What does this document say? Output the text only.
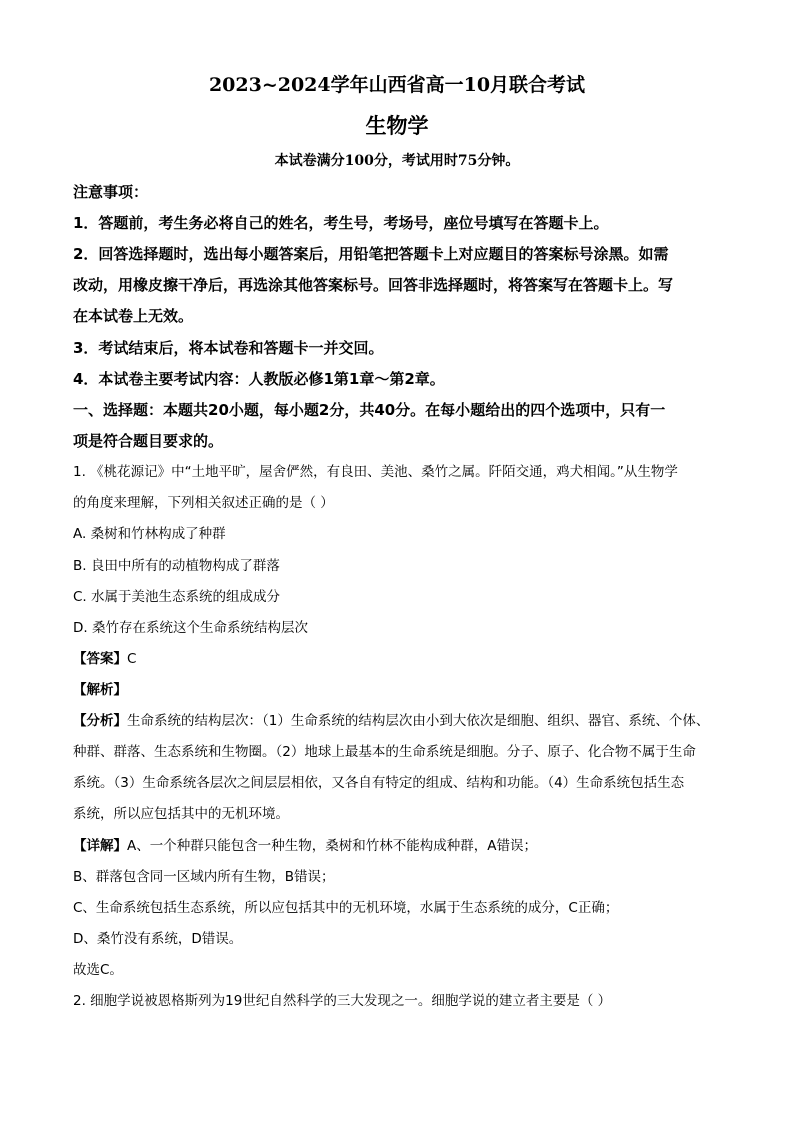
2023~2024学年山西省高一10月联合考试
生物学
本试卷满分100分，考试用时75分钟。
注意事项：
1．答题前，考生务必将自己的姓名，考生号，考场号，座位号填写在答题卡上。
2．回答选择题时，选出每小题答案后，用铅笔把答题卡上对应题目的答案标号涂黑。如需
改动，用橡皮擦干净后，再选涂其他答案标号。回答非选择题时，将答案写在答题卡上。写
在本试卷上无效。
3．考试结束后，将本试卷和答题卡一并交回。
4．本试卷主要考试内容：人教版必修1第1章～第2章。
一、选择题：本题共20小题，每小题2分，共40分。在每小题给出的四个选项中，只有一
项是符合题目要求的。
1. 《桃花源记》中“土地平旷，屋舍俨然，有良田、美池、桑竹之属。阡陌交通，鸡犬相闻。”从生物学
的角度来理解，下列相关叙述正确的是（ ）
A. 桑树和竹林构成了种群
B. 良田中所有的动植物构成了群落
C. 水属于美池生态系统的组成成分
D. 桑竹存在系统这个生命系统结构层次
【答案】C
【解析】
【分析】生命系统的结构层次：（1）生命系统的结构层次由小到大依次是细胞、组织、器官、系统、个体、
种群、群落、生态系统和生物圈。（2）地球上最基本的生命系统是细胞。分子、原子、化合物不属于生命
系统。（3）生命系统各层次之间层层相依，又各自有特定的组成、结构和功能。（4）生命系统包括生态
系统，所以应包括其中的无机环境。
【详解】A、一个种群只能包含一种生物，桑树和竹林不能构成种群，A错误；
B、群落包含同一区域内所有生物，B错误；
C、生命系统包括生态系统，所以应包括其中的无机环境，水属于生态系统的成分，C正确；
D、桑竹没有系统，D错误。
故选C。
2. 细胞学说被恩格斯列为19世纪自然科学的三大发现之一。细胞学说的建立者主要是（ ）
